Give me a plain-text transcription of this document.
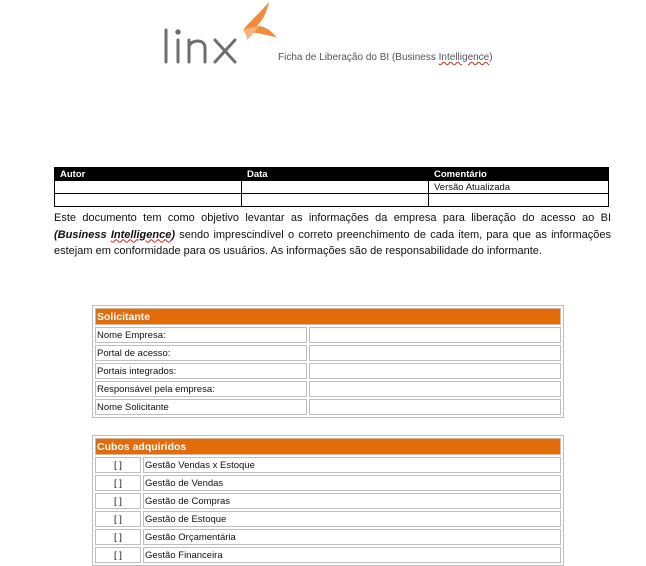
Ficha de Liberação do BI (Business Intelligence)
Autor	Data	Comentário
		Versão Atualizada

Este documento tem como objetivo levantar as informações da empresa para liberação do acesso ao BI (Business Intelligence) sendo imprescindível o correto preenchimento de cada item, para que as informações estejam em conformidade para os usuários. As informações são de responsabilidade do informante.
Solicitante	
Nome Empresa:	
Portal de acesso:	
Portais integrados:	
Responsável pela empresa:	
Nome Solicitante	
Cubos adquiridos	
[ ]	Gestão Vendas x Estoque
[ ]	Gestão de Vendas
[ ]	Gestão de Compras
[ ]	Gestão de Estoque
[ ]	Gestão Orçamentária
[ ]	Gestão Financeira
